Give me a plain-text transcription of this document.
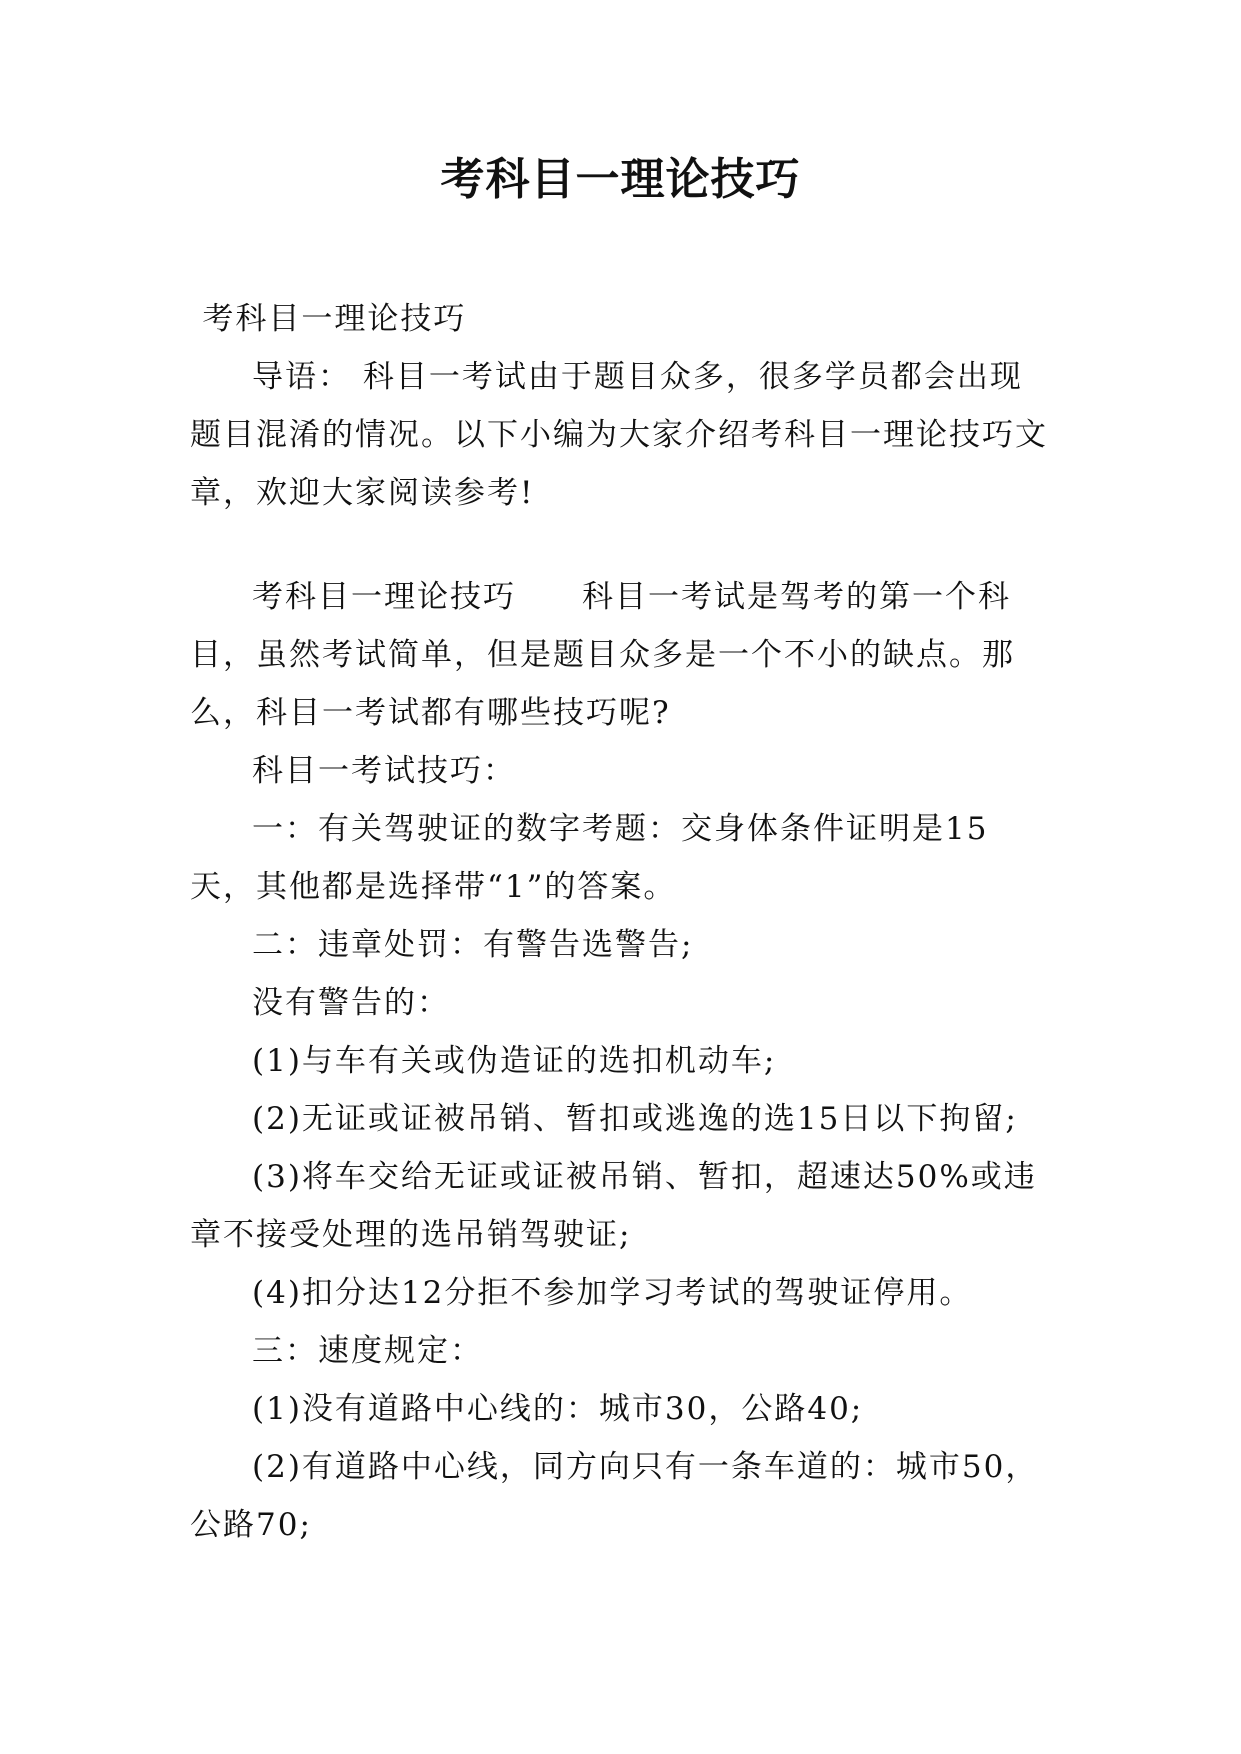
考科目一理论技巧

考科目一理论技巧

导语： 科目一考试由于题目众多，很多学员都会出现题目混淆的情况。以下小编为大家介绍考科目一理论技巧文章，欢迎大家阅读参考!

考科目一理论技巧　　科目一考试是驾考的第一个科目，虽然考试简单，但是题目众多是一个不小的缺点。那么，科目一考试都有哪些技巧呢?

科目一考试技巧：

一：有关驾驶证的数字考题：交身体条件证明是15天，其他都是选择带“1”的答案。

二：违章处罚：有警告选警告;

没有警告的：

(1)与车有关或伪造证的选扣机动车;

(2)无证或证被吊销、暂扣或逃逸的选15日以下拘留;

(3)将车交给无证或证被吊销、暂扣，超速达50%或违章不接受处理的选吊销驾驶证;

(4)扣分达12分拒不参加学习考试的驾驶证停用。

三：速度规定：

(1)没有道路中心线的：城市30，公路40;

(2)有道路中心线，同方向只有一条车道的：城市50，公路70;
